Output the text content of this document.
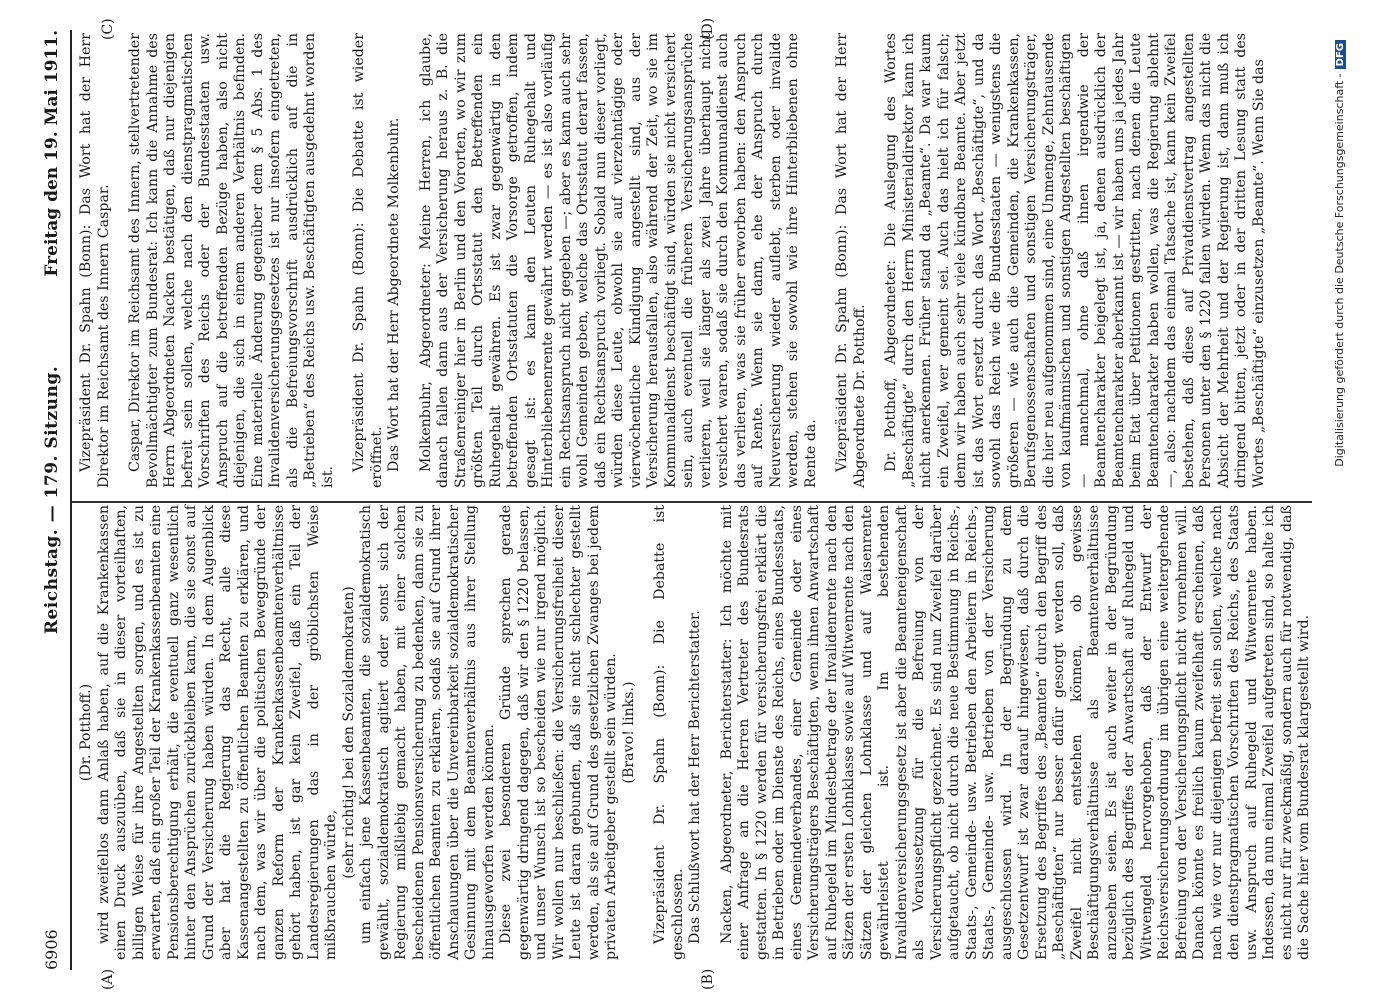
6906
Reichstag. — 179. Sitzung.
Freitag den 19. Mai 1911.
(A)	(B)
(C)	(D)

(Dr. Potthoff.) wird zweifellos dann Anlaß haben, auf die Krankenkassen einen Druck auszuüben, daß sie in dieser vorteilhaften, billigen Weise für ihre Angestellten sorgen, und es ist zu erwarten, daß ein großer Teil der Krankenkassenbeamten eine Pensionsberechtigung erhält, die eventuell ganz wesentlich hinter den Ansprüchen zurückbleiben kann, die sie sonst auf Grund der Versicherung haben würden. In dem Augenblick aber hat die Regierung das Recht, alle diese Kassenangestellten zu öffentlichen Beamten zu erklären, und nach dem, was wir über die politischen Beweggründe der ganzen Reform der Krankenkassenbeamtenverhältnisse gehört haben, ist gar kein Zweifel, daß ein Teil der Landesregierungen das in der gröblichsten Weise mißbrauchen würde,

(sehr richtig! bei den Sozialdemokraten) um einfach jene Kassenbeamten, die sozialdemokratisch gewählt, sozialdemokratisch agitiert oder sonst sich der Regierung mißliebig gemacht haben, mit einer solchen bescheidenen Pensionsversicherung zu bedenken, dann sie zu öffentlichen Beamten zu erklären, sodaß sie auf Grund ihrer Anschauungen über die Unvereinbarkeit sozialdemokratischer Gesinnung mit dem Beamtenverhältnis aus ihrer Stellung hinausgeworfen werden können. Diese zwei besonderen Gründe sprechen gerade gegenwärtig dringend dagegen, daß wir den § 1220 belassen, und unser Wunsch ist so bescheiden wie nur irgend möglich. Wir wollen nur beschließen: die Versicherungsfreiheit dieser Leute ist daran gebunden, daß sie nicht schlechter gestellt werden, als sie auf Grund des gesetzlichen Zwanges bei jedem privaten Arbeitgeber gestellt sein würden. (Bravo! links.) Vizepräsident Dr. Spahn (Bonn): Die Debatte ist geschlossen. Das Schlußwort hat der Herr Berichterstatter. Nacken, Abgeordneter, Berichterstatter: Ich möchte mit einer Anfrage an die Herren Vertreter des Bundesrats gestatten. In § 1220 werden für versicherungsfrei erklärt die in Betrieben oder im Dienste des Reichs, eines Bundesstaats, eines Gemeindeverbandes, einer Gemeinde oder eines Versicherungsträgers Beschäftigten, wenn ihnen Anwartschaft auf Ruhegeld im Mindestbetrage der Invalidenrente nach den Sätzen der ersten Lohnklasse sowie auf Witwenrente nach den Sätzen der gleichen Lohnklasse und auf Waisenrente gewährleistet ist. Im bestehenden Invalidenversicherungsgesetz ist aber die Beamteneigenschaft als Voraussetzung für die Befreiung von der Versicherungspflicht gezeichnet. Es sind nun Zweifel darüber aufgetaucht, ob nicht durch die neue Bestimmung in Reichs-, Staats-, Gemeinde- usw. Betrieben den Arbeitern in Reichs-, Staats-, Gemeinde- usw. Betrieben von der Versicherung ausgeschlossen wird. In der Begründung zu dem Gesetzentwurf ist zwar darauf hingewiesen, daß durch die Ersetzung des Begriffes des „Beamten“ durch den Begriff des „Beschäftigten“ nur besser dafür gesorgt werden soll, daß Zweifel nicht entstehen können, ob gewisse Beschäftigungsverhältnisse als Beamtenverhältnisse anzusehen seien. Es ist auch weiter in der Begründung bezüglich des Begriffes der Anwartschaft auf Ruhegeld und Witwengeld hervorgehoben, daß der Entwurf der Reichsversicherungsordnung im übrigen eine weitergehende Befreiung von der Versicherungspflicht nicht vornehmen will. Danach könnte es freilich kaum zweifelhaft erscheinen, daß nach wie vor nur diejenigen befreit sein sollen, welche nach den dienstpragmatischen Vorschriften des Reichs, des Staats usw. Anspruch auf Ruhegeld und Witwenrente haben. Indessen, da nun einmal Zweifel aufgetreten sind, so halte ich es nicht nur für zweckmäßig, sondern auch für notwendig, daß die Sache hier vom Bundesrat klargestellt wird.

Vizepräsident Dr. Spahn (Bonn): Das Wort hat der Herr Direktor im Reichsamt des Innern Caspar. Caspar, Direktor im Reichsamt des Innern, stellvertretender Bevollmächtigter zum Bundesrat: Ich kann die Annahme des Herrn Abgeordneten Nacken bestätigen, daß nur diejenigen befreit sein sollen, welche nach den dienstpragmatischen Vorschriften des Reichs oder der Bundesstaaten usw. Anspruch auf die betreffenden Bezüge haben, also nicht diejenigen, die sich in einem anderen Verhältnis befinden. Eine materielle Änderung gegenüber dem § 5 Abs. 1 des Invalidenversicherungsgesetzes ist nur insofern eingetreten, als die Befreiungsvorschrift ausdrücklich auf die in „Betrieben“ des Reichs usw. Beschäftigten ausgedehnt worden ist.

Vizepräsident Dr. Spahn (Bonn): Die Debatte ist wieder eröffnet. Das Wort hat der Herr Abgeordnete Molkenbuhr. Molkenbuhr, Abgeordneter: Meine Herren, ich glaube, danach fallen dann aus der Versicherung heraus z. B. die Straßenreiniger hier in Berlin und den Vororten, wo wir zum größten Teil durch Ortsstatut den Betreffenden ein Ruhegehalt gewähren. Es ist zwar gegenwärtig in den betreffenden Ortsstatuten die Vorsorge getroffen, indem gesagt ist: es kann den Leuten Ruhegehalt und Hinterbliebenenrente gewährt werden — es ist also vorläufig ein Rechtsanspruch nicht gegeben —; aber es kann auch sehr wohl Gemeinden geben, welche das Ortsstatut derart fassen, daß ein Rechtsanspruch vorliegt. Sobald nun dieser vorliegt, würden diese Leute, obwohl sie auf vierzehntägige oder vierwöchentliche Kündigung angestellt sind, aus der Versicherung herausfallen, also während der Zeit, wo sie im Kommunaldienst beschäftigt sind, würden sie nicht versichert sein, auch eventuell die früheren Versicherungsansprüche verlieren, weil sie länger als zwei Jahre überhaupt nicht versichert waren, sodaß sie durch den Kommunaldienst auch das verlieren, was sie früher erworben haben: den Anspruch auf Rente. Wenn sie dann, ehe der Anspruch durch Neuversicherung wieder auflebt, sterben oder invalide werden, stehen sie sowohl wie ihre Hinterbliebenen ohne Rente da. Vizepräsident Dr. Spahn (Bonn): Das Wort hat der Herr Abgeordnete Dr. Potthoff. Dr. Potthoff, Abgeordneter: Die Auslegung des Wortes „Beschäftigte“ durch den Herrn Ministerialdirektor kann ich nicht anerkennen. Früher stand da „Beamte“. Da war kaum ein Zweifel, wer gemeint sei. Auch das hielt ich für falsch; denn wir haben auch sehr viele kündbare Beamte. Aber jetzt ist das Wort ersetzt durch das Wort „Beschäftigte“, und da sowohl das Reich wie die Bundesstaaten — wenigstens die größeren — wie auch die Gemeinden, die Krankenkassen, Berufsgenossenschaften und sonstigen Versicherungsträger, die hier neu aufgenommen sind, eine Unmenge, Zehntausende von kaufmännischen und sonstigen Angestellten beschäftigen — manchmal, ohne daß ihnen irgendwie der Beamtencharakter beigelegt ist, ja, denen ausdrücklich der Beamtencharakter aberkannt ist — wir haben uns ja jedes Jahr beim Etat über Petitionen gestritten, nach denen die Leute Beamtencharakter haben wollen, was die Regierung ablehnt —, also: nachdem das einmal Tatsache ist, kann kein Zweifel bestehen, daß diese auf Privatdienstvertrag angestellten Personen unter den § 1220 fallen würden. Wenn das nicht die Absicht der Mehrheit und der Regierung ist, dann muß ich dringend bitten, jetzt oder in der dritten Lesung statt des Wortes „Beschäftigte“ einzusetzen „Beamte“. Wenn Sie das	Digitalisierung gefördert durch die Deutsche Forschungsgemeinschaft -DFG
